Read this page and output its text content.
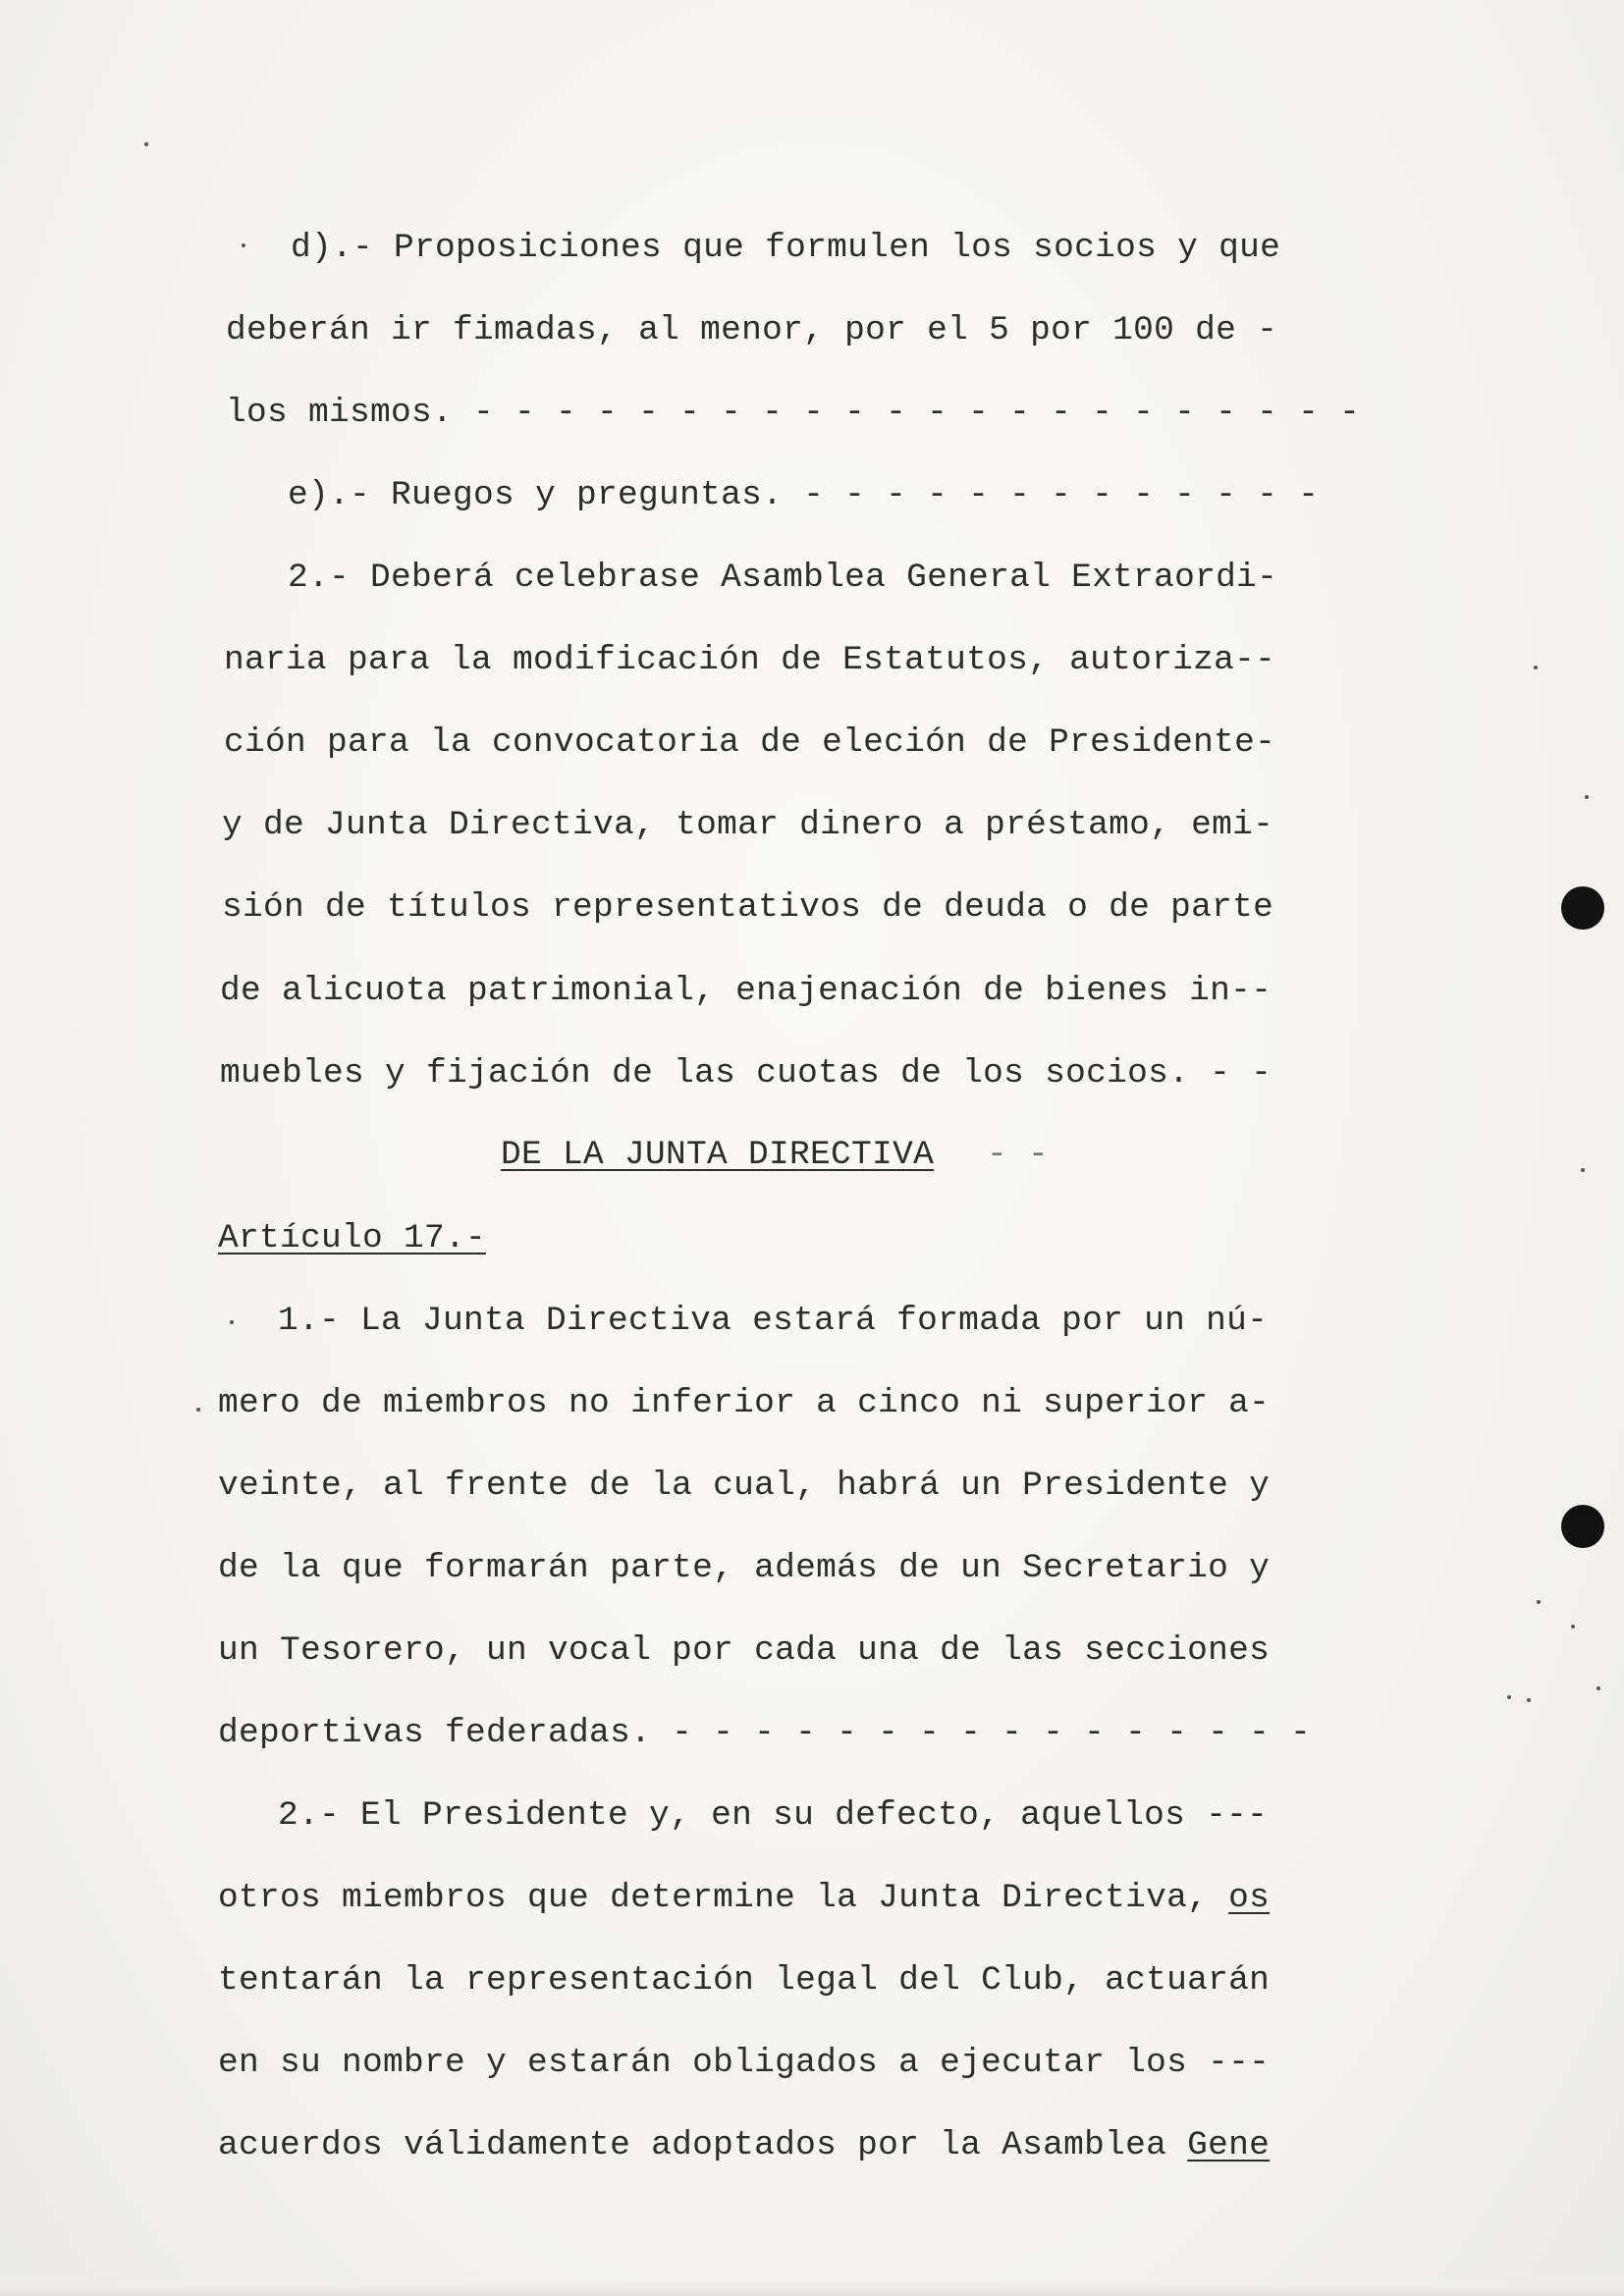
d).- Proposiciones que formulen los socios y que
deberán ir fimadas, al menor, por el 5 por 100 de -
los mismos. - - - - - - - - - - - - - - - - - - - - - -
e).- Ruegos y preguntas. - - - - - - - - - - - - -
2.- Deberá celebrase Asamblea General Extraordi-
naria para la modificación de Estatutos, autoriza--
ción para la convocatoria de eleción de Presidente-
y de Junta Directiva, tomar dinero a préstamo, emi-
sión de títulos representativos de deuda o de parte
de alicuota patrimonial, enajenación de bienes in--
muebles y fijación de las cuotas de los socios. - -
DE LA JUNTA DIRECTIVA - -
Artículo 17.-
1.- La Junta Directiva estará formada por un nú-
mero de miembros no inferior a cinco ni superior a-
veinte, al frente de la cual, habrá un Presidente y
de la que formarán parte, además de un Secretario y
un Tesorero, un vocal por cada una de las secciones
deportivas federadas. - - - - - - - - - - - - - - - -
2.- El Presidente y, en su defecto, aquellos ---
otros miembros que determine la Junta Directiva, os
tentarán la representación legal del Club, actuarán
en su nombre y estarán obligados a ejecutar los ---
acuerdos válidamente adoptados por la Asamblea Gene
